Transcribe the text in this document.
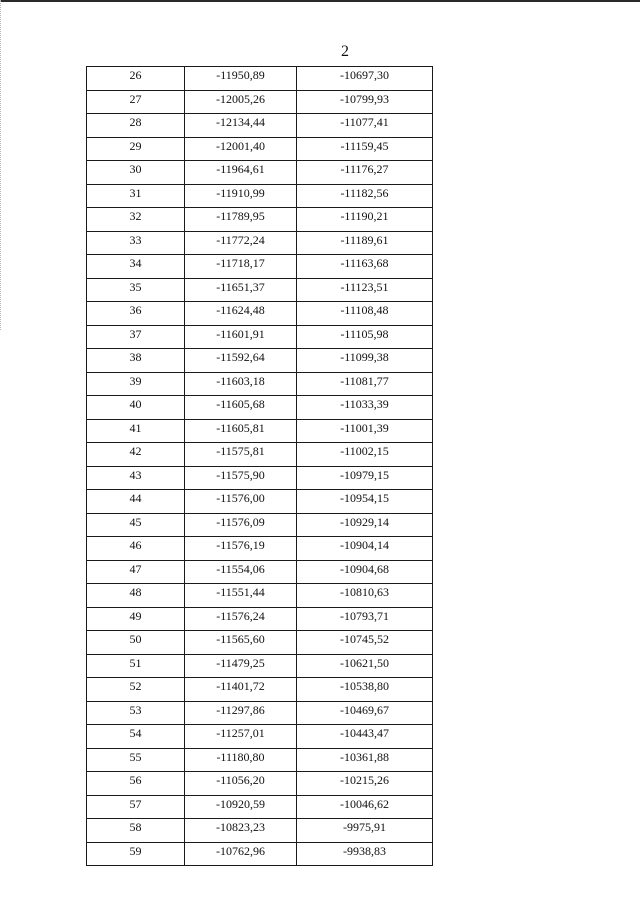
2
26	-11950,89	-10697,30
27	-12005,26	-10799,93
28	-12134,44	-11077,41
29	-12001,40	-11159,45
30	-11964,61	-11176,27
31	-11910,99	-11182,56
32	-11789,95	-11190,21
33	-11772,24	-11189,61
34	-11718,17	-11163,68
35	-11651,37	-11123,51
36	-11624,48	-11108,48
37	-11601,91	-11105,98
38	-11592,64	-11099,38
39	-11603,18	-11081,77
40	-11605,68	-11033,39
41	-11605,81	-11001,39
42	-11575,81	-11002,15
43	-11575,90	-10979,15
44	-11576,00	-10954,15
45	-11576,09	-10929,14
46	-11576,19	-10904,14
47	-11554,06	-10904,68
48	-11551,44	-10810,63
49	-11576,24	-10793,71
50	-11565,60	-10745,52
51	-11479,25	-10621,50
52	-11401,72	-10538,80
53	-11297,86	-10469,67
54	-11257,01	-10443,47
55	-11180,80	-10361,88
56	-11056,20	-10215,26
57	-10920,59	-10046,62
58	-10823,23	-9975,91
59	-10762,96	-9938,83
